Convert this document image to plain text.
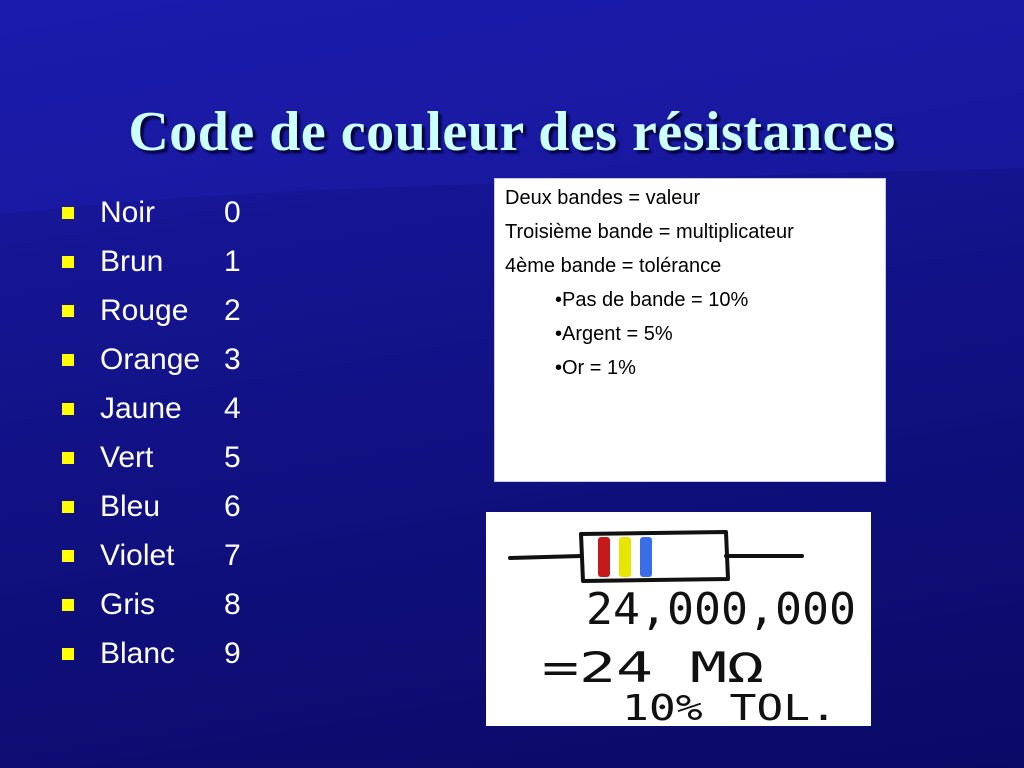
Code de couleur des résistances
Noir	0
Brun	1
Rouge	2
Orange 3
Jaune	4
Vert	5
Bleu	6
Violet	7
Gris	8
Blanc	9

Deux bandes = valeur

Troisième bande = multiplicateur

4ème bande = tolérance

•Pas de bande = 10%

•Argent = 5%

•Or = 1%

24,000,000
=24 MΩ
10% TOL.
